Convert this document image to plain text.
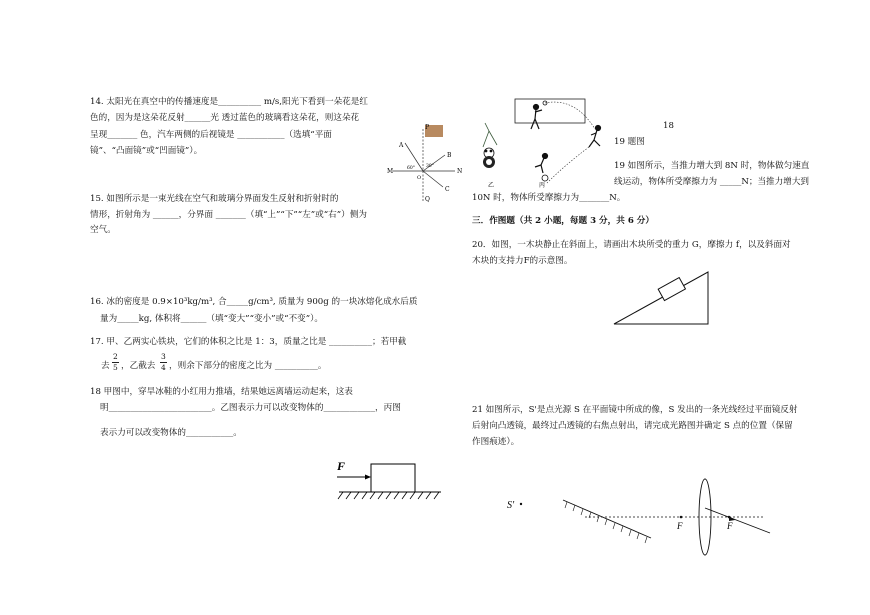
14. 太阳光在真空中的传播速度是__________ m/s,阳光下看到一朵花是红
色的，因为是这朵花反射______光 透过蓝色的玻璃看这朵花，则这朵花
呈现_______ 色，汽车两侧的后视镜是 ___________（选填“平面
镜”、“凸面镜”或“凹面镜”）。
P
M	N
Q
A
B
C
O
60° 30°
15. 如图所示是一束光线在空气和玻璃分界面发生反射和折射时的
情形，折射角为 ______，分界面 _______（填“上”“下”“左”或“右”）侧为
空气。
16. 冰的密度是 0.9×10³kg/m³, 合_____g/cm³, 质量为 900g 的一块冰熔化成水后质
量为_____kg, 体积将______（填“变大”“变小”或“不变”）。
17. 甲、乙两实心铁块，它们的体积之比是 1：3，质量之比是 __________；若甲截
去
2
5 ，乙截去
3
4 ，则余下部分的密度之比为 __________。
18 甲图中，穿旱冰鞋的小红用力推墙，结果她远离墙运动起来，这表
明________________________。乙图表示力可以改变物体的____________，丙图
表示力可以改变物体的___________。
F
乙	丙
18
19 题图
19 如图所示，当推力增大到 8N 时，物体做匀速直
线运动，物体所受摩擦力为 _____N；当推力增大到
10N 时，物体所受摩擦力为_______N。
三．作图题（共 2 小题，每题 3 分，共 6 分）
20．如图，一木块静止在斜面上，请画出木块所受的重力 G，摩擦力 f，以及斜面对
木块的支持力F的示意图。
21 如图所示，S'是点光源 S 在平面镜中所成的像，S 发出的一条光线经过平面镜反射
后射向凸透镜，最终过凸透镜的右焦点射出，请完成光路图并确定 S 点的位置（保留
作图痕迹）。
S'
F	F
